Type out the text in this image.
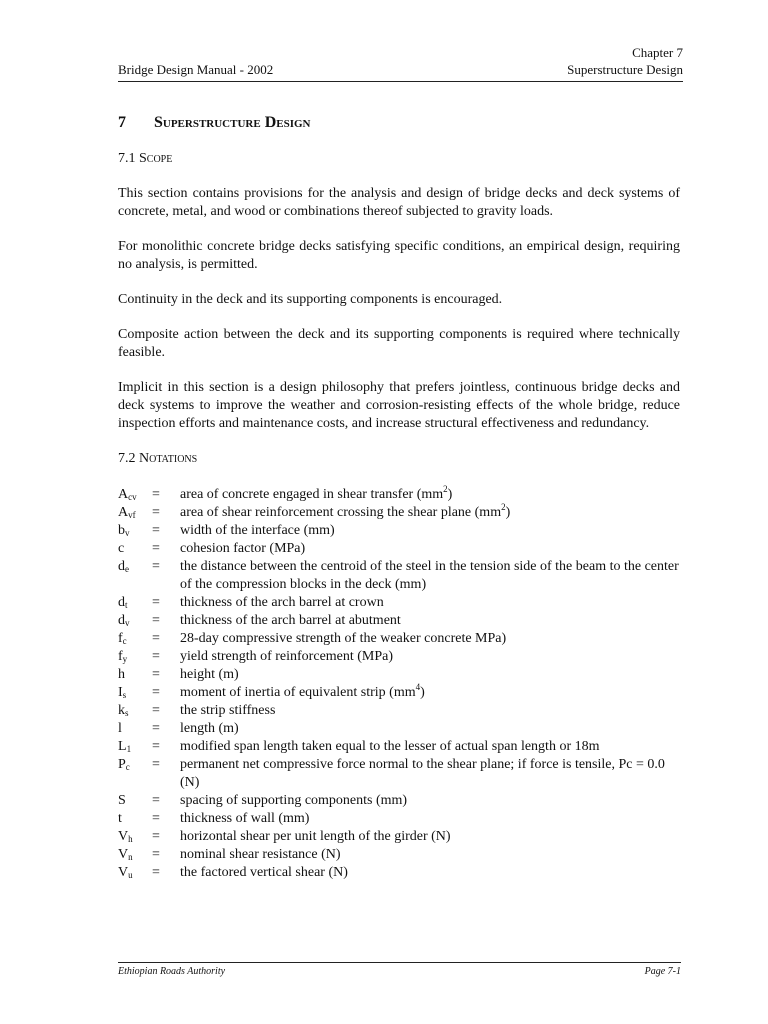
Bridge Design Manual - 2002
Chapter 7
Superstructure Design
7	Superstructure Design
7.1 Scope

This section contains provisions for the analysis and design of bridge decks and deck systems of concrete, metal, and wood or combinations thereof subjected to gravity loads.

For monolithic concrete bridge decks satisfying specific conditions, an empirical design, requiring no analysis, is permitted.

Continuity in the deck and its supporting components is encouraged.

Composite action between the deck and its supporting components is required where technically feasible.

Implicit in this section is a design philosophy that prefers jointless, continuous bridge decks and deck systems to improve the weather and corrosion-resisting effects of the whole bridge, reduce inspection efforts and maintenance costs, and increase structural effectiveness and redundancy.

7.2 Notations
$A_{cv}$	=	area of concrete engaged in shear transfer $(mm^2)$
$A_{vf}$	=	area of shear reinforcement crossing the shear plane $(mm^2)$
$b_v$	=	width of the interface (mm)
c	=	cohesion factor (MPa)
$d_e$	=	the distance between the centroid of the steel in the tension side of the beam to the center of the compression blocks in the deck (mm)
$d_t$	=	thickness of the arch barrel at crown
$d_v$	=	thickness of the arch barrel at abutment
$f_c$	=	28-day compressive strength of the weaker concrete MPa)
$f_y$	=	yield strength of reinforcement (MPa)
h	=	height (m)
$I_s$	=	moment of inertia of equivalent strip $(mm^4)$
$k_s$	=	the strip stiffness
l	=	length (m)
$L_1$	=	modified span length taken equal to the lesser of actual span length or 18m
$P_c$	=	permanent net compressive force normal to the shear plane; if force is tensile, Pc = 0.0 (N)
S	=	spacing of supporting components (mm)
t	=	thickness of wall (mm)
$V_h$	=	horizontal shear per unit length of the girder (N)
$V_n$	=	nominal shear resistance (N)
$V_u$	=	the factored vertical shear (N)
Ethiopian Roads Authority	Page 7-1
